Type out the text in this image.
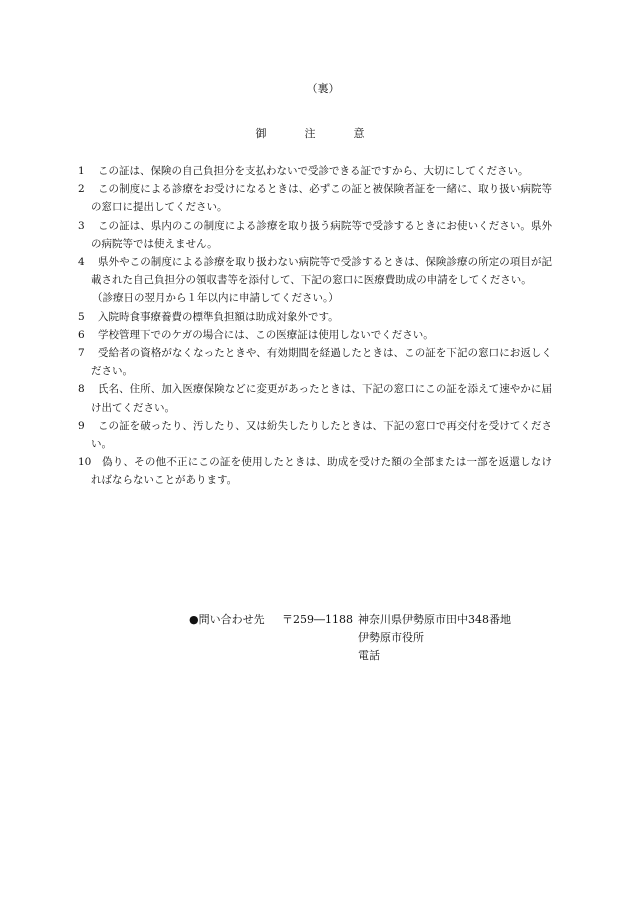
（裏）
御注意
1	この証は、保険の自己負担分を支払わないで受診できる証ですから、大切にしてください。
2	この制度による診療をお受けになるときは、必ずこの証と被保険者証を一緒に、取り扱い病院等の窓口に提出してください。
3	この証は、県内のこの制度による診療を取り扱う病院等で受診するときにお使いください。県外の病院等では使えません。
4	県外やこの制度による診療を取り扱わない病院等で受診するときは、保険診療の所定の項目が記載された自己負担分の領収書等を添付して、下記の窓口に医療費助成の申請をしてください。
（診療日の翌月から１年以内に申請してください。）
5	入院時食事療養費の標準負担額は助成対象外です。
6	学校管理下でのケガの場合には、この医療証は使用しないでください。
7	受給者の資格がなくなったときや、有効期間を経過したときは、この証を下記の窓口にお返しください。
8	氏名、住所、加入医療保険などに変更があったときは、下記の窓口にこの証を添えて速やかに届け出てください。
9	この証を破ったり、汚したり、又は紛失したりしたときは、下記の窓口で再交付を受けてください。
10	偽り、その他不正にこの証を使用したときは、助成を受けた額の全部または一部を返還しなければならないことがあります。
●問い合わせ先 〒259―1188 神奈川県伊勢原市田中348番地
伊勢原市役所
電話
